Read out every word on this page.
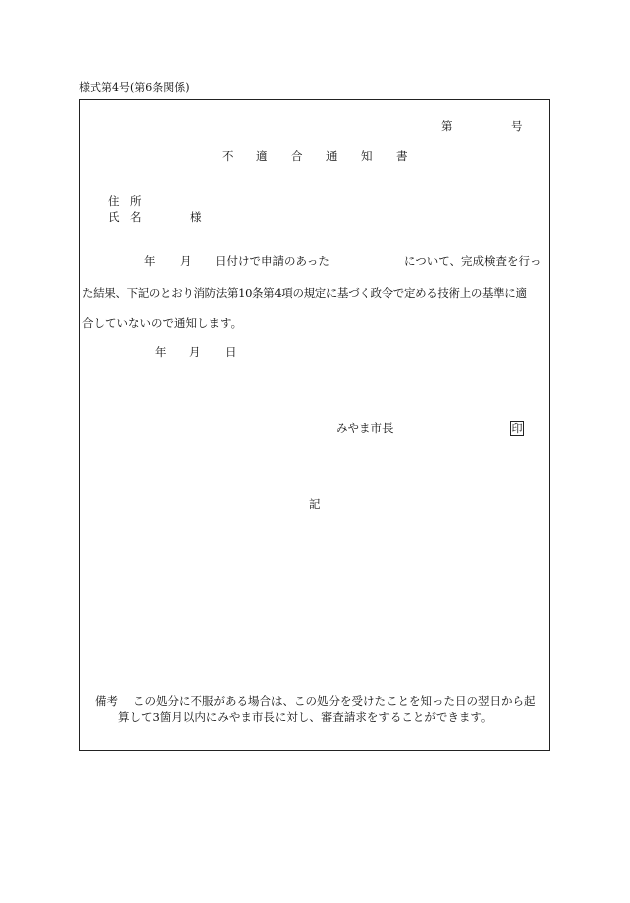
様式第4号(第6条関係)
第	号
不 適 合 通 知 書
住 所
氏 名	様
年 月 日付けで申請のあった	について、完成検査を行っ
た結果、下記のとおり消防法第10条第4項の規定に基づく政令で定める技術上の基準に適
合していないので通知します。
年 月 日
みやま市長	印
記
備考 この処分に不服がある場合は、この処分を受けたことを知った日の翌日から起
算して3箇月以内にみやま市長に対し、審査請求をすることができます。
